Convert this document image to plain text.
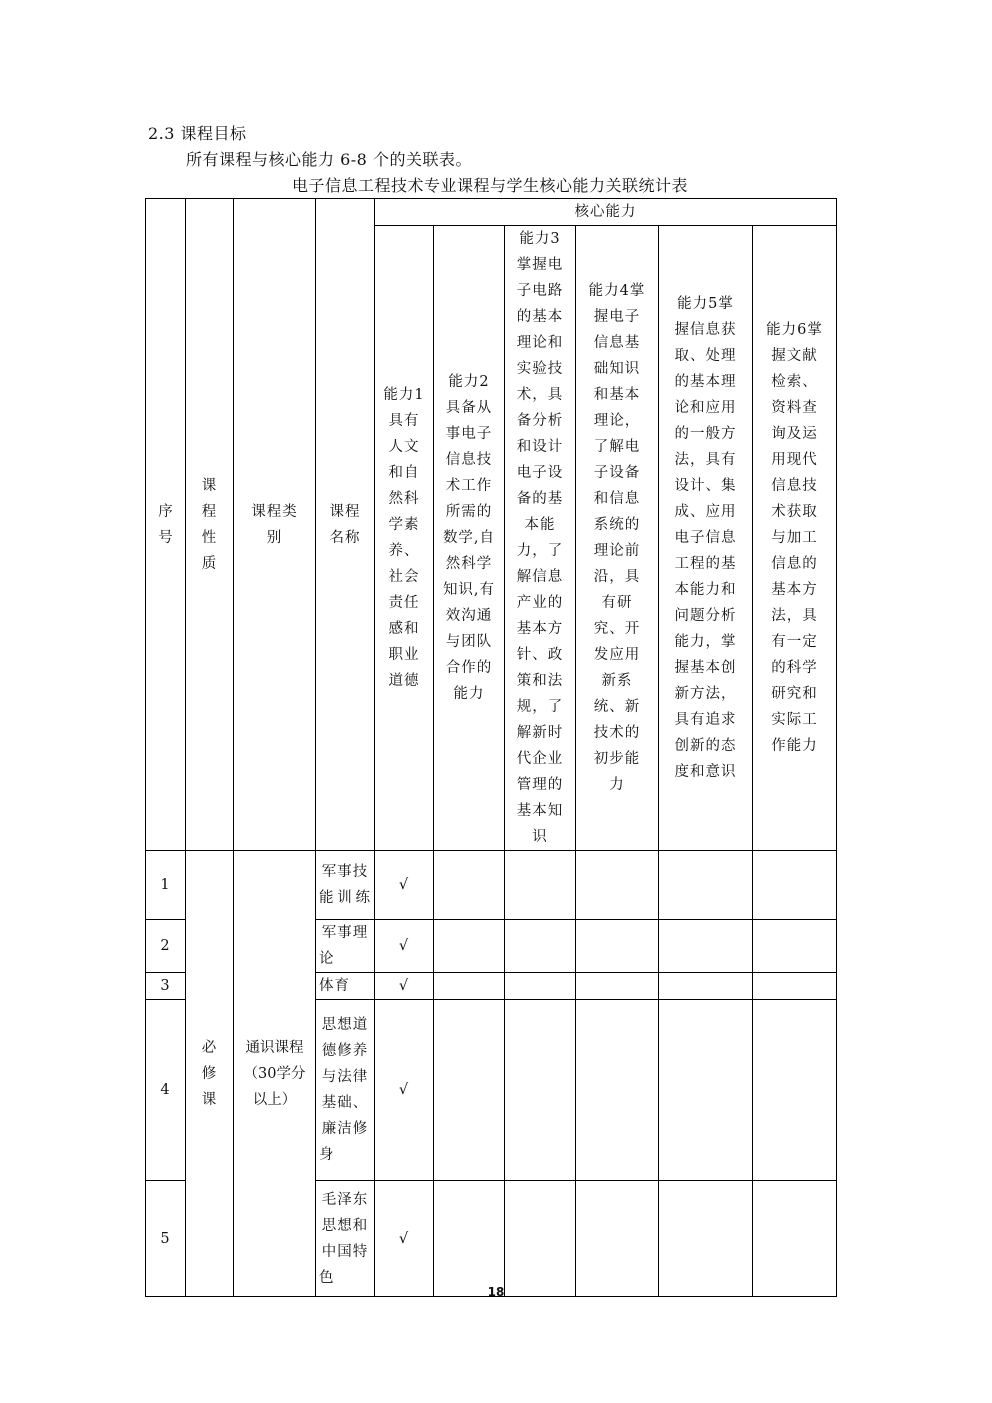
2.3 课程目标
所有课程与核心能力 6-8 个的关联表。
电子信息工程技术专业课程与学生核心能力关联统计表
序号	课程性质	课程类别	课程名称	核心能力					

				能力1具有人文和自然科学素养、社会责任感和职业道德	能力2具备从事电子信息技术工作所需的数学,自然科学知识,有效沟通与团队合作的能力	能力3掌握电子电路的基本理论和实验技术，具备分析和设计电子设备的基本能力，了解信息产业的基本方针、政策和法规，了解新时代企业管理的基本知识	能力4掌握电子信息基础知识和基本理论，了解电子设备和信息系统的理论前沿，具有研究、开发应用新系统、新技术的初步能力	能力5掌握信息获取、处理的基本理论和应用的一般方法，具有设计、集成、应用电子信息工程的基本能力和问题分析能力，掌握基本创新方法，具有追求创新的态度和意识	能力6掌握文献检索、资料查询及运用现代信息技术获取与加工信息的基本方法，具有一定的科学研究和实际工作能力

1	必修课	通识课程（30学分以上）	军事技能训练	√					
2			军事理论	√					
3			体育	√					
4			思想道德修养与法律基础、廉洁修身	√					
5			毛泽东思想和中国特色	√					
18
